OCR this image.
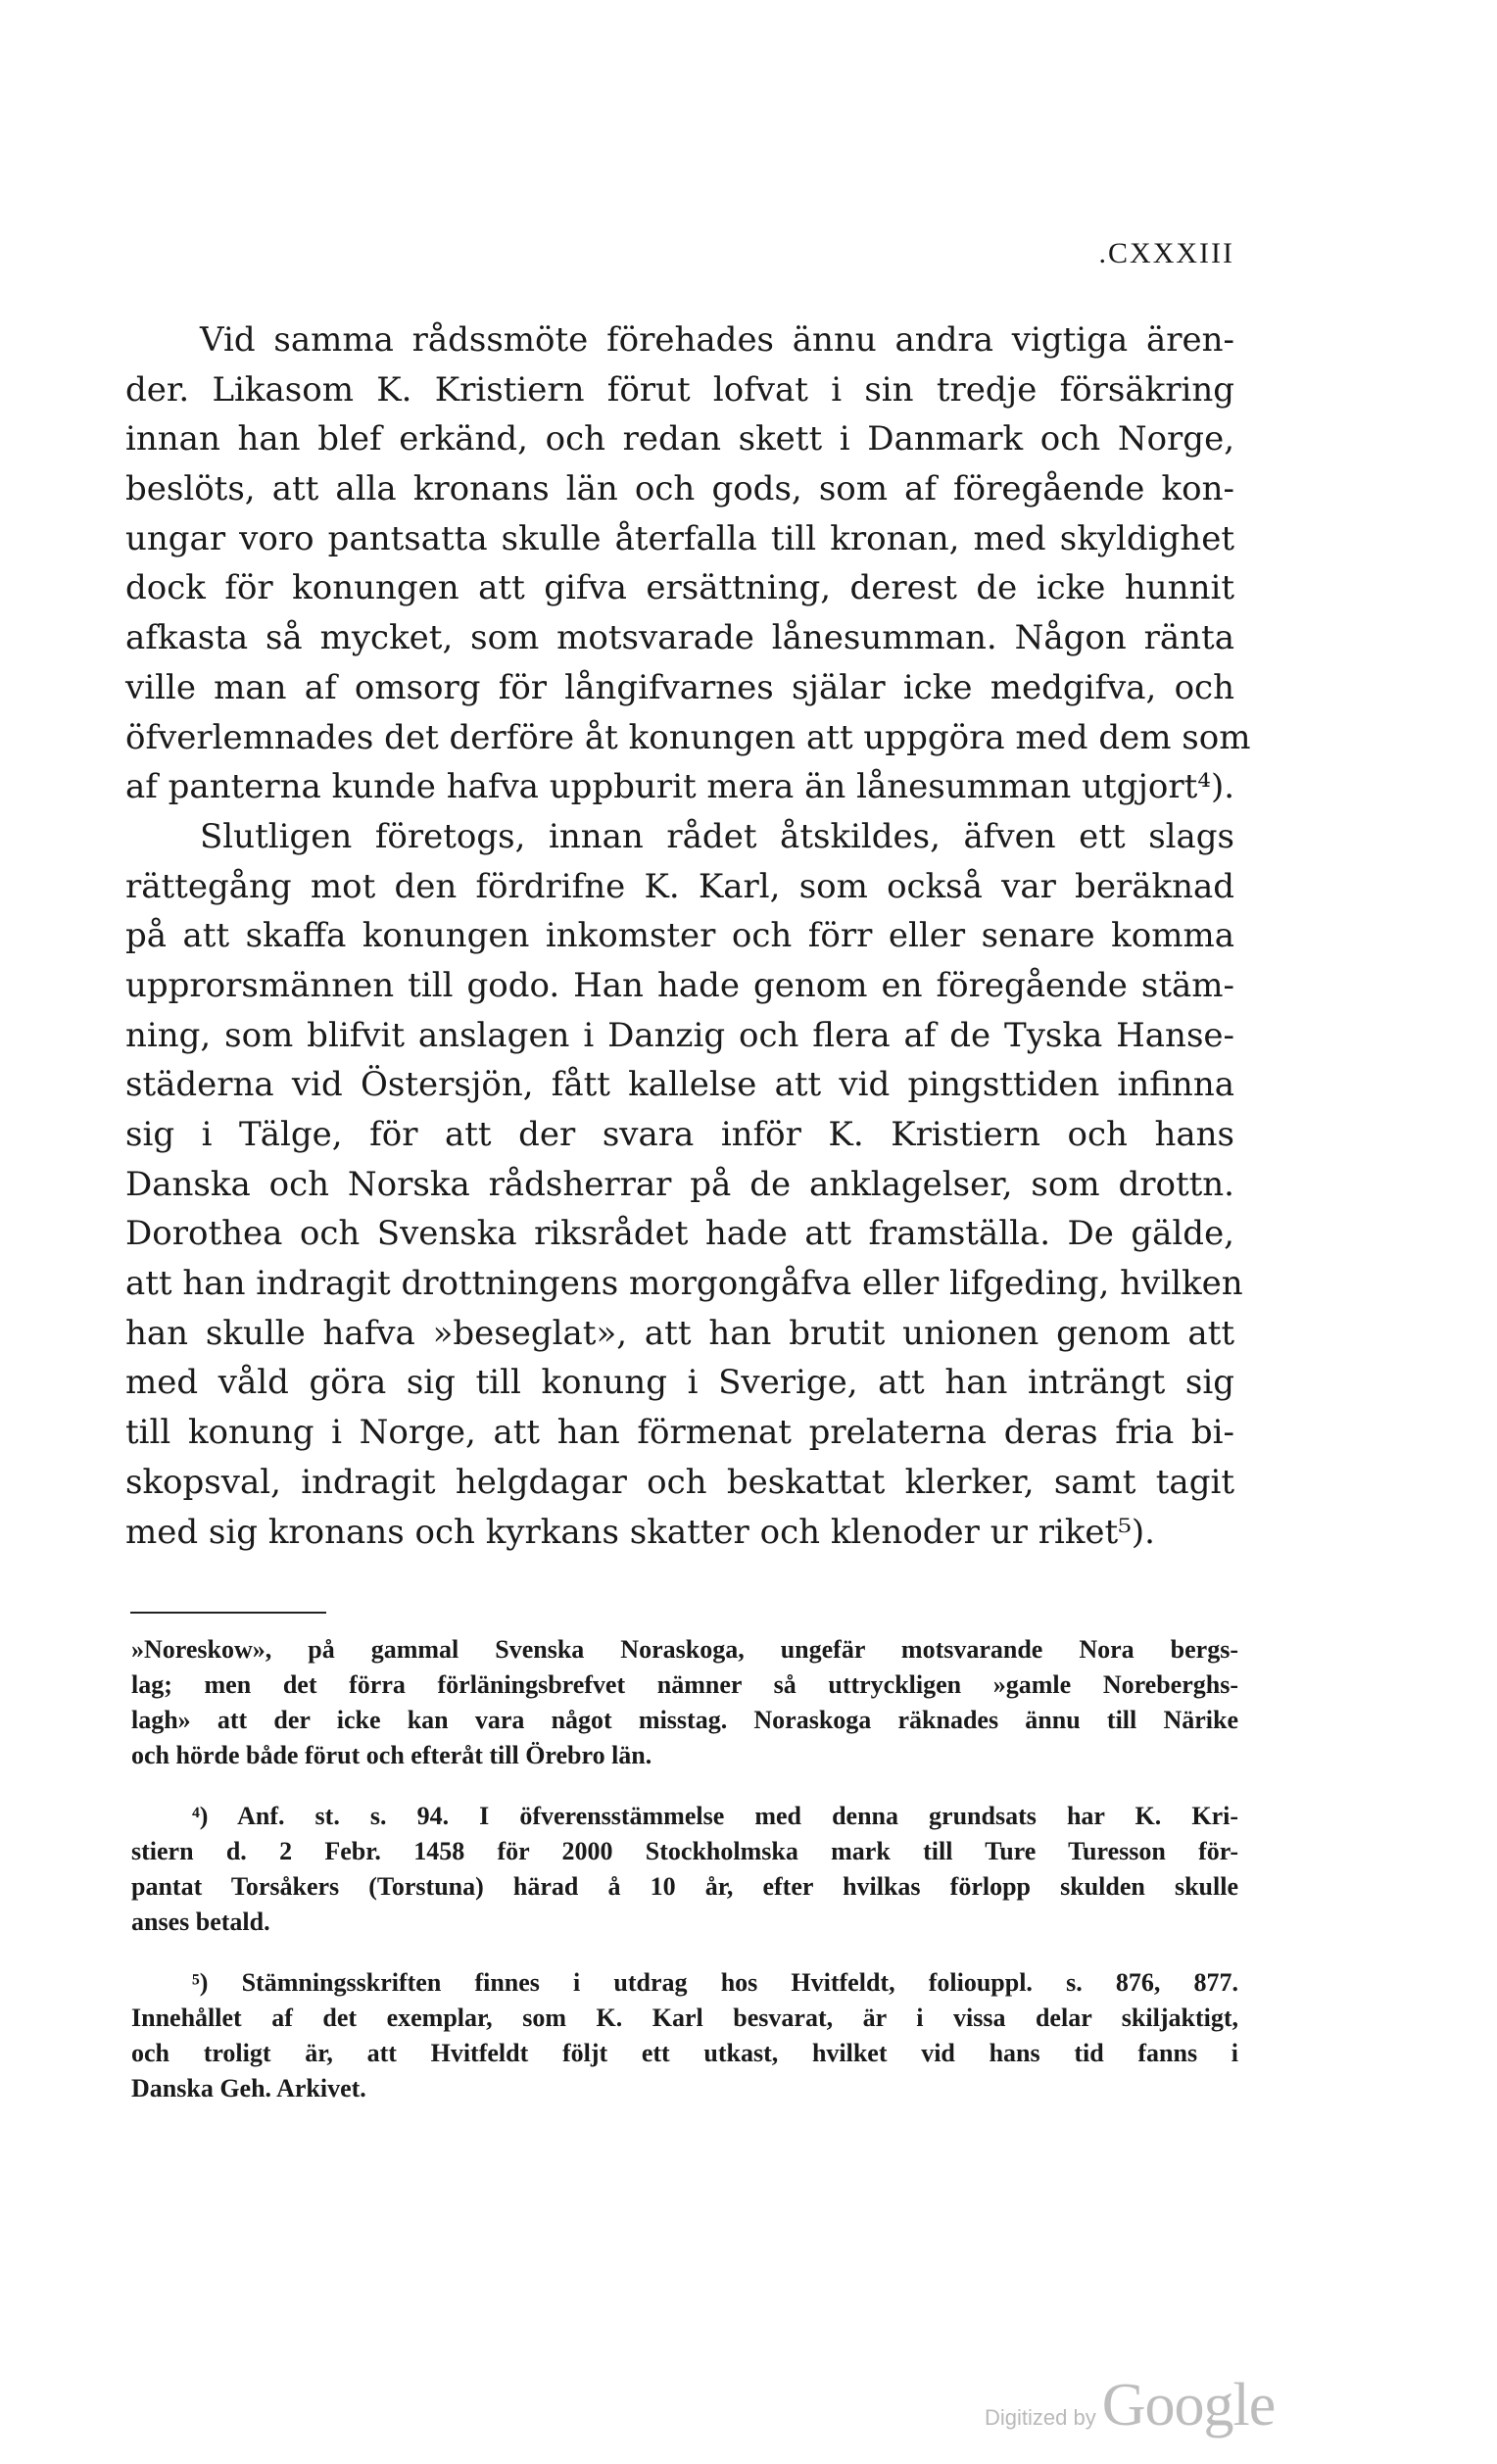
.CXXXIII
Vid samma rådssmöte förehades ännu andra vigtiga ären-
der. Likasom K. Kristiern förut lofvat i sin tredje försäkring
innan han blef erkänd, och redan skett i Danmark och Norge,
beslöts, att alla kronans län och gods, som af föregående kon-
ungar voro pantsatta skulle återfalla till kronan, med skyldighet
dock för konungen att gifva ersättning, derest de icke hunnit
afkasta så mycket, som motsvarade lånesumman. Någon ränta
ville man af omsorg för långifvarnes själar icke medgifva, och
öfverlemnades det derföre åt konungen att uppgöra med dem som
af panterna kunde hafva uppburit mera än lånesumman utgjort⁴).
Slutligen företogs, innan rådet åtskildes, äfven ett slags
rättegång mot den fördrifne K. Karl, som också var beräknad
på att skaffa konungen inkomster och förr eller senare komma
upprorsmännen till godo. Han hade genom en föregående stäm-
ning, som blifvit anslagen i Danzig och flera af de Tyska Hanse-
städerna vid Östersjön, fått kallelse att vid pingsttiden infinna
sig i Tälge, för att der svara inför K. Kristiern och hans
Danska och Norska rådsherrar på de anklagelser, som drottn.
Dorothea och Svenska riksrådet hade att framställa. De gälde,
att han indragit drottningens morgongåfva eller lifgeding, hvilken
han skulle hafva »beseglat», att han brutit unionen genom att
med våld göra sig till konung i Sverige, att han inträngt sig
till konung i Norge, att han förmenat prelaterna deras fria bi-
skopsval, indragit helgdagar och beskattat klerker, samt tagit
med sig kronans och kyrkans skatter och klenoder ur riket⁵).
»Noreskow», på gammal Svenska Noraskoga, ungefär motsvarande Nora bergs-
lag; men det förra förläningsbrefvet nämner så uttryckligen »gamle Noreberghs-
lagh» att der icke kan vara något misstag. Noraskoga räknades ännu till Närike
och hörde både förut och efteråt till Örebro län.
⁴) Anf. st. s. 94. I öfverensstämmelse med denna grundsats har K. Kri-
stiern d. 2 Febr. 1458 för 2000 Stockholmska mark till Ture Turesson för-
pantat Torsåkers (Torstuna) härad å 10 år, efter hvilkas förlopp skulden skulle
anses betald.
⁵) Stämningsskriften finnes i utdrag hos Hvitfeldt, foliouppl. s. 876, 877.
Innehållet af det exemplar, som K. Karl besvarat, är i vissa delar skiljaktigt,
och troligt är, att Hvitfeldt följt ett utkast, hvilket vid hans tid fanns i
Danska Geh. Arkivet.
Digitized by Google
